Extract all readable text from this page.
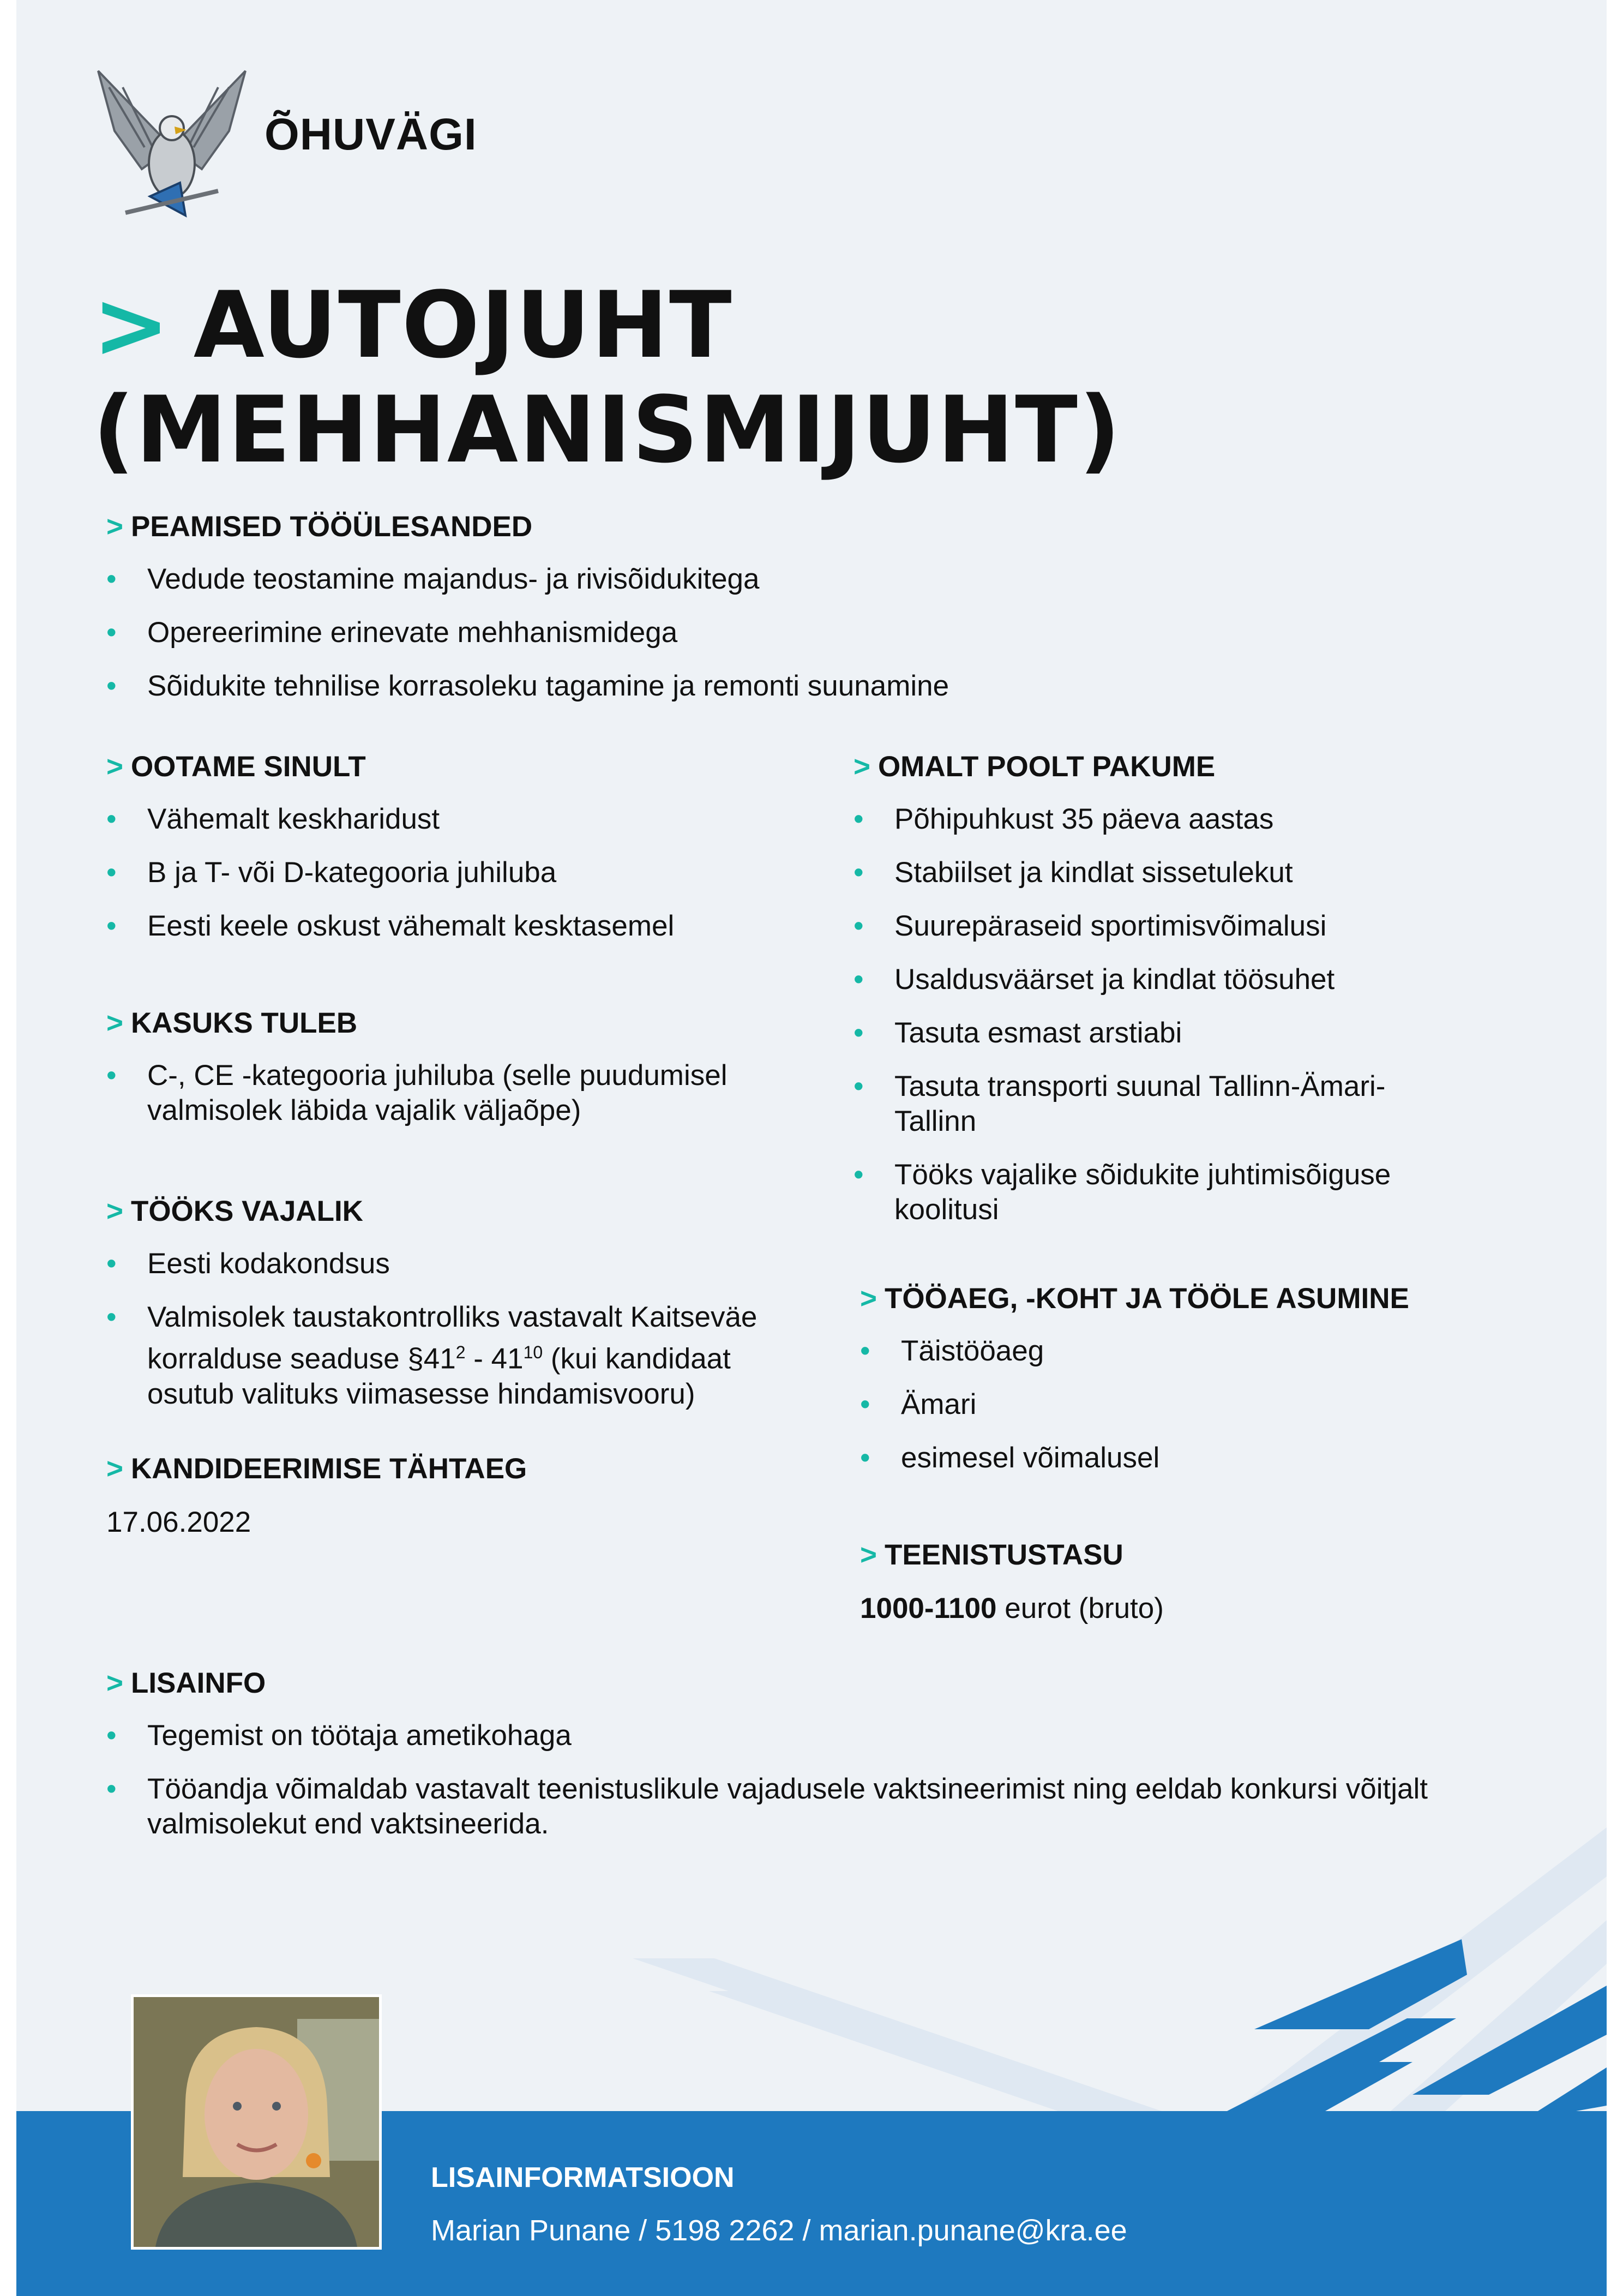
ÕHUVÄGI
> AUTOJUHT
(MEHHANISMIJUHT)
> PEAMISED TÖÖÜLESANDED
• Vedude teostamine majandus- ja rivisõidukitega
• Operеerimine erinevate mehhanismidega
• Sõidukite tehnilise korrasoleku tagamine ja remonti suunamine
> OOTAME SINULT
• Vähemalt keskharidust
• B ja T- või D-kategooria juhiluba
• Eesti keele oskust vähemalt kesktasemel
> KASUKS TULEB
• C-, CE -kategooria juhiluba (selle puudumisel
valmisolek läbida vajalik väljaõpe)
> TÖÖKS VAJALIK
• Eesti kodakondsus
• Valmisolek taustakontrolliks vastavalt Kaitseväe
korralduse seaduse $\S 41^2 - 41^{10}$ (kui kandidaat
osutub valituks viimasesse hindamisvooru)
> KANDIDEERIMISE TÄHTAEG
17.06.2022
> OMALT POOLT PAKUME
• Põhipuhkust 35 päeva aastas
• Stabiilset ja kindlat sissetulekut
• Suurepäraseid sportimisvõimalusi
• Usaldusväärset ja kindlat töösuhet
• Tasuta esmast arstiabi
• Tasuta transporti suunal Tallinn-Ämari-
Tallinn
• Tööks vajalike sõidukite juhtimisõiguse
koolitusi
> TÖÖAEG, -KOHT JA TÖÖLE ASUMINE
• Täistööaeg
• Ämari
• esimesel võimalusel
> TEENISTUSTASU
1000-1100 eurot (bruto)
> LISAINFO
• Tegemist on töötaja ametikohaga
• Tööandja võimaldab vastavalt teenistuslikule vajadusele vaktsineerimist ning eeldab konkursi võitjalt
valmisolekut end vaktsineerida.
LISAINFORMATSIOON
Marian Punane / 5198 2262 / marian.punane@kra.ee
